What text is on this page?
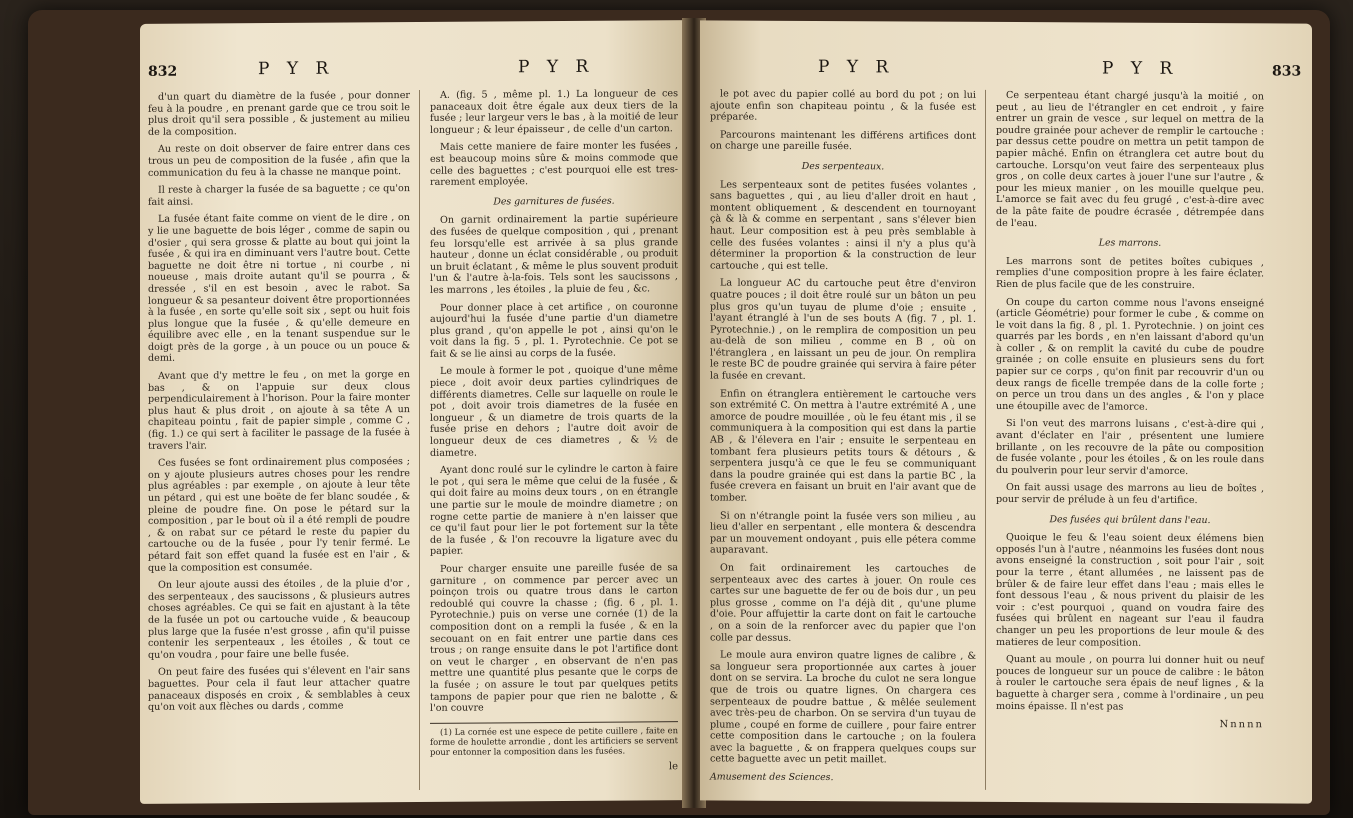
832	P Y R	P Y R

d'un quart du diamètre de la fusée , pour donner feu à la poudre , en prenant garde que ce trou soit le plus droit qu'il sera possible , & justement au milieu de la composition.

Au reste on doit observer de faire entrer dans ces trous un peu de composition de la fusée , afin que la communication du feu à la chasse ne manque point.

Il reste à charger la fusée de sa baguette ; ce qu'on fait ainsi.

La fusée étant faite comme on vient de le dire , on y lie une baguette de bois léger , comme de sapin ou d'osier , qui sera grosse & platte au bout qui joint la fusée , & qui ira en diminuant vers l'autre bout. Cette baguette ne doit être ni tortue , ni courbe , ni noueuse , mais droite autant qu'il se pourra , & dressée , s'il en est besoin , avec le rabot. Sa longueur & sa pesanteur doivent être proportionnées à la fusée , en sorte qu'elle soit six , sept ou huit fois plus longue que la fusée , & qu'elle demeure en équilibre avec elle , en la tenant suspendue sur le doigt près de la gorge , à un pouce ou un pouce & demi.

Avant que d'y mettre le feu , on met la gorge en bas , & on l'appuie sur deux clous perpendiculairement à l'horison. Pour la faire monter plus haut & plus droit , on ajoute à sa tête A un chapiteau pointu , fait de papier simple , comme C , (fig. 1.) ce qui sert à faciliter le passage de la fusée à travers l'air.

Ces fusées se font ordinairement plus composées ; on y ajoute plusieurs autres choses pour les rendre plus agréables : par exemple , on ajoute à leur tête un pétard , qui est une boëte de fer blanc soudée , & pleine de poudre fine. On pose le pétard sur la composition , par le bout où il a été rempli de poudre , & on rabat sur ce pétard le reste du papier du cartouche ou de la fusée , pour l'y tenir fermé. Le pétard fait son effet quand la fusée est en l'air , & que la composition est consumée.

On leur ajoute aussi des étoiles , de la pluie d'or , des serpenteaux , des saucissons , & plusieurs autres choses agréables. Ce qui se fait en ajustant à la tête de la fusée un pot ou cartouche vuide , & beaucoup plus large que la fusée n'est grosse , afin qu'il puisse contenir les serpenteaux , les étoiles , & tout ce qu'on voudra , pour faire une belle fusée.

On peut faire des fusées qui s'élevent en l'air sans baguettes. Pour cela il faut leur attacher quatre panaceaux disposés en croix , & semblables à ceux qu'on voit aux flèches ou dards , comme

A. (fig. 5 , même pl. 1.) La longueur de ces panaceaux doit être égale aux deux tiers de la fusée ; leur largeur vers le bas , à la moitié de leur longueur ; & leur épaisseur , de celle d'un carton.

Mais cette maniere de faire monter les fusées , est beaucoup moins sûre & moins commode que celle des baguettes ; c'est pourquoi elle est tres-rarement employée.

Des garnitures de fusées.

On garnit ordinairement la partie supérieure des fusées de quelque composition , qui , prenant feu lorsqu'elle est arrivée à sa plus grande hauteur , donne un éclat considérable , ou produit un bruit éclatant , & même le plus souvent produit l'un & l'autre à-la-fois. Tels sont les saucissons , les marrons , les étoiles , la pluie de feu , &c.

Pour donner place à cet artifice , on couronne aujourd'hui la fusée d'une partie d'un diametre plus grand , qu'on appelle le pot , ainsi qu'on le voit dans la fig. 5 , pl. 1. Pyrotechnie. Ce pot se fait & se lie ainsi au corps de la fusée.

Le moule à former le pot , quoique d'une même piece , doit avoir deux parties cylindriques de différents diametres. Celle sur laquelle on roule le pot , doit avoir trois diametres de la fusée en longueur , & un diametre de trois quarts de la fusée prise en dehors ; l'autre doit avoir de longueur deux de ces diametres , & ½ de diametre.

Ayant donc roulé sur le cylindre le carton à faire le pot , qui sera le même que celui de la fusée , & qui doit faire au moins deux tours , on en étrangle une partie sur le moule de moindre diametre ; on rogne cette partie de maniere à n'en laisser que ce qu'il faut pour lier le pot fortement sur la tête de la fusée , & l'on recouvre la ligature avec du papier.

Pour charger ensuite une pareille fusée de sa garniture , on commence par percer avec un poinçon trois ou quatre trous dans le carton redoublé qui couvre la chasse ; (fig. 6 , pl. 1. Pyrotechnie.) puis on verse une cornée (1) de la composition dont on a rempli la fusée , & en la secouant on en fait entrer une partie dans ces trous ; on range ensuite dans le pot l'artifice dont on veut le charger , en observant de n'en pas mettre une quantité plus pesante que le corps de la fusée ; on assure le tout par quelques petits tampons de papier pour que rien ne balotte , & l'on couvre

(1) La cornée est une espece de petite cuillere , faite en forme de houlette arrondie , dont les artificiers se servent pour entonner la composition dans les fusées.

le
P Y R	P Y R	833

le pot avec du papier collé au bord du pot ; on lui ajoute enfin son chapiteau pointu , & la fusée est préparée.

Parcourons maintenant les différens artifices dont on charge une pareille fusée.

Des serpenteaux.

Les serpenteaux sont de petites fusées volantes , sans baguettes , qui , au lieu d'aller droit en haut , montent obliquement , & descendent en tournoyant çà & là & comme en serpentant , sans s'élever bien haut. Leur composition est à peu près semblable à celle des fusées volantes : ainsi il n'y a plus qu'à déterminer la proportion & la construction de leur cartouche , qui est telle.

La longueur AC du cartouche peut être d'environ quatre pouces ; il doit être roulé sur un bâton un peu plus gros qu'un tuyau de plume d'oie ; ensuite , l'ayant étranglé à l'un de ses bouts A (fig. 7 , pl. 1. Pyrotechnie.) , on le remplira de composition un peu au-delà de son milieu , comme en B , où on l'étranglera , en laissant un peu de jour. On remplira le reste BC de poudre grainée qui servira à faire péter la fusée en crevant.

Enfin on étranglera entièrement le cartouche vers son extrémité C. On mettra à l'autre extrémité A , une amorce de poudre mouillée , où le feu étant mis , il se communiquera à la composition qui est dans la partie AB , & l'élevera en l'air ; ensuite le serpenteau en tombant fera plusieurs petits tours & détours , & serpentera jusqu'à ce que le feu se communiquant dans la poudre grainée qui est dans la partie BC , la fusée crevera en faisant un bruit en l'air avant que de tomber.

Si on n'étrangle point la fusée vers son milieu , au lieu d'aller en serpentant , elle montera & descendra par un mouvement ondoyant , puis elle pétera comme auparavant.

On fait ordinairement les cartouches de serpenteaux avec des cartes à jouer. On roule ces cartes sur une baguette de fer ou de bois dur , un peu plus grosse , comme on l'a déjà dit , qu'une plume d'oie. Pour affujettir la carte dont on fait le cartouche , on a soin de la renforcer avec du papier que l'on colle par dessus.

Le moule aura environ quatre lignes de calibre , & sa longueur sera proportionnée aux cartes à jouer dont on se servira. La broche du culot ne sera longue que de trois ou quatre lignes. On chargera ces serpenteaux de poudre battue , & mêlée seulement avec très-peu de charbon. On se servira d'un tuyau de plume , coupé en forme de cuillere , pour faire entrer cette composition dans le cartouche ; on la foulera avec la baguette , & on frappera quelques coups sur cette baguette avec un petit maillet.

Amusement des Sciences.

Ce serpenteau étant chargé jusqu'à la moitié , on peut , au lieu de l'étrangler en cet endroit , y faire entrer un grain de vesce , sur lequel on mettra de la poudre grainée pour achever de remplir le cartouche : par dessus cette poudre on mettra un petit tampon de papier mâché. Enfin on étranglera cet autre bout du cartouche. Lorsqu'on veut faire des serpenteaux plus gros , on colle deux cartes à jouer l'une sur l'autre , & pour les mieux manier , on les mouille quelque peu. L'amorce se fait avec du feu grugé , c'est-à-dire avec de la pâte faite de poudre écrasée , détrempée dans de l'eau.

Les marrons.

Les marrons sont de petites boîtes cubiques , remplies d'une composition propre à les faire éclater. Rien de plus facile que de les construire.

On coupe du carton comme nous l'avons enseigné (article Géométrie) pour former le cube , & comme on le voit dans la fig. 8 , pl. 1. Pyrotechnie. ) on joint ces quarrés par les bords , en n'en laissant d'abord qu'un à coller , & on remplit la cavité du cube de poudre grainée ; on colle ensuite en plusieurs sens du fort papier sur ce corps , qu'on finit par recouvrir d'un ou deux rangs de ficelle trempée dans de la colle forte ; on perce un trou dans un des angles , & l'on y place une étoupille avec de l'amorce.

Si l'on veut des marrons luisans , c'est-à-dire qui , avant d'éclater en l'air , présentent une lumiere brillante , on les recouvre de la pâte ou composition de fusée volante , pour les étoiles , & on les roule dans du poulverin pour leur servir d'amorce.

On fait aussi usage des marrons au lieu de boîtes , pour servir de prélude à un feu d'artifice.

Des fusées qui brûlent dans l'eau.

Quoique le feu & l'eau soient deux élémens bien opposés l'un à l'autre , néanmoins les fusées dont nous avons enseigné la construction , soit pour l'air , soit pour la terre , étant allumées , ne laissent pas de brûler & de faire leur effet dans l'eau ; mais elles le font dessous l'eau , & nous privent du plaisir de les voir : c'est pourquoi , quand on voudra faire des fusées qui brûlent en nageant sur l'eau il faudra changer un peu les proportions de leur moule & des matieres de leur composition.

Quant au moule , on pourra lui donner huit ou neuf pouces de longueur sur un pouce de calibre : le bâton à rouler le cartouche sera épais de neuf lignes , & la baguette à charger sera , comme à l'ordinaire , un peu moins épaisse. Il n'est pas

Nnnnn
